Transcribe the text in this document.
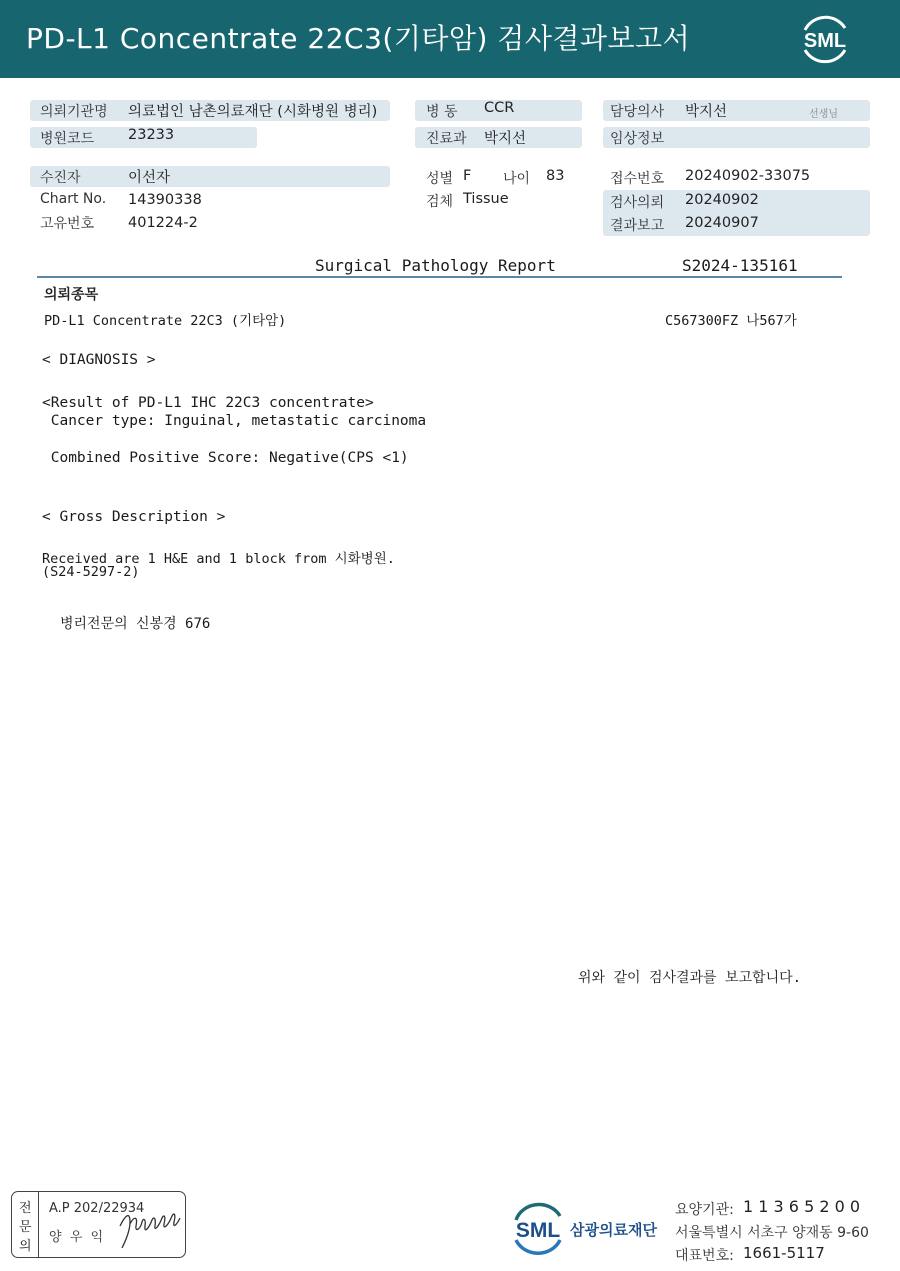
PD-L1 Concentrate 22C3(기타암) 검사결과보고서	SML
의뢰기관명 의료법인 남촌의료재단 (시화병원 병리)
병원코드 23233
병 동 CCR
진료과 박지선
담당의사 박지선	선생님
임상정보
수진자	이선자
Chart No. 14390338
고유번호 401224-2
성별 F 나이 83
검체 Tissue
접수번호 20240902-33075
검사의뢰 20240902
결과보고 20240907
Surgical Pathology Report	S2024-135161
의뢰종목
PD-L1 Concentrate 22C3 (기타암)	C567300FZ 나567가
< DIAGNOSIS >
<Result of PD-L1 IHC 22C3 concentrate>
Cancer type: Inguinal, metastatic carcinoma
Combined Positive Score: Negative(CPS <1)
< Gross Description >
Received are 1 H&E and 1 block from 시화병원.
(S24-5297-2)
병리전문의 신봉경 676
위와 같이 검사결과를 보고합니다.
전
문
의
A.P 202/22934
양  우  익	SML 삼광의료재단
요양기관: 1 1 3 6 5 2 0 0
서울특별시 서초구 양재동 9-60
대표번호: 1661-5117
